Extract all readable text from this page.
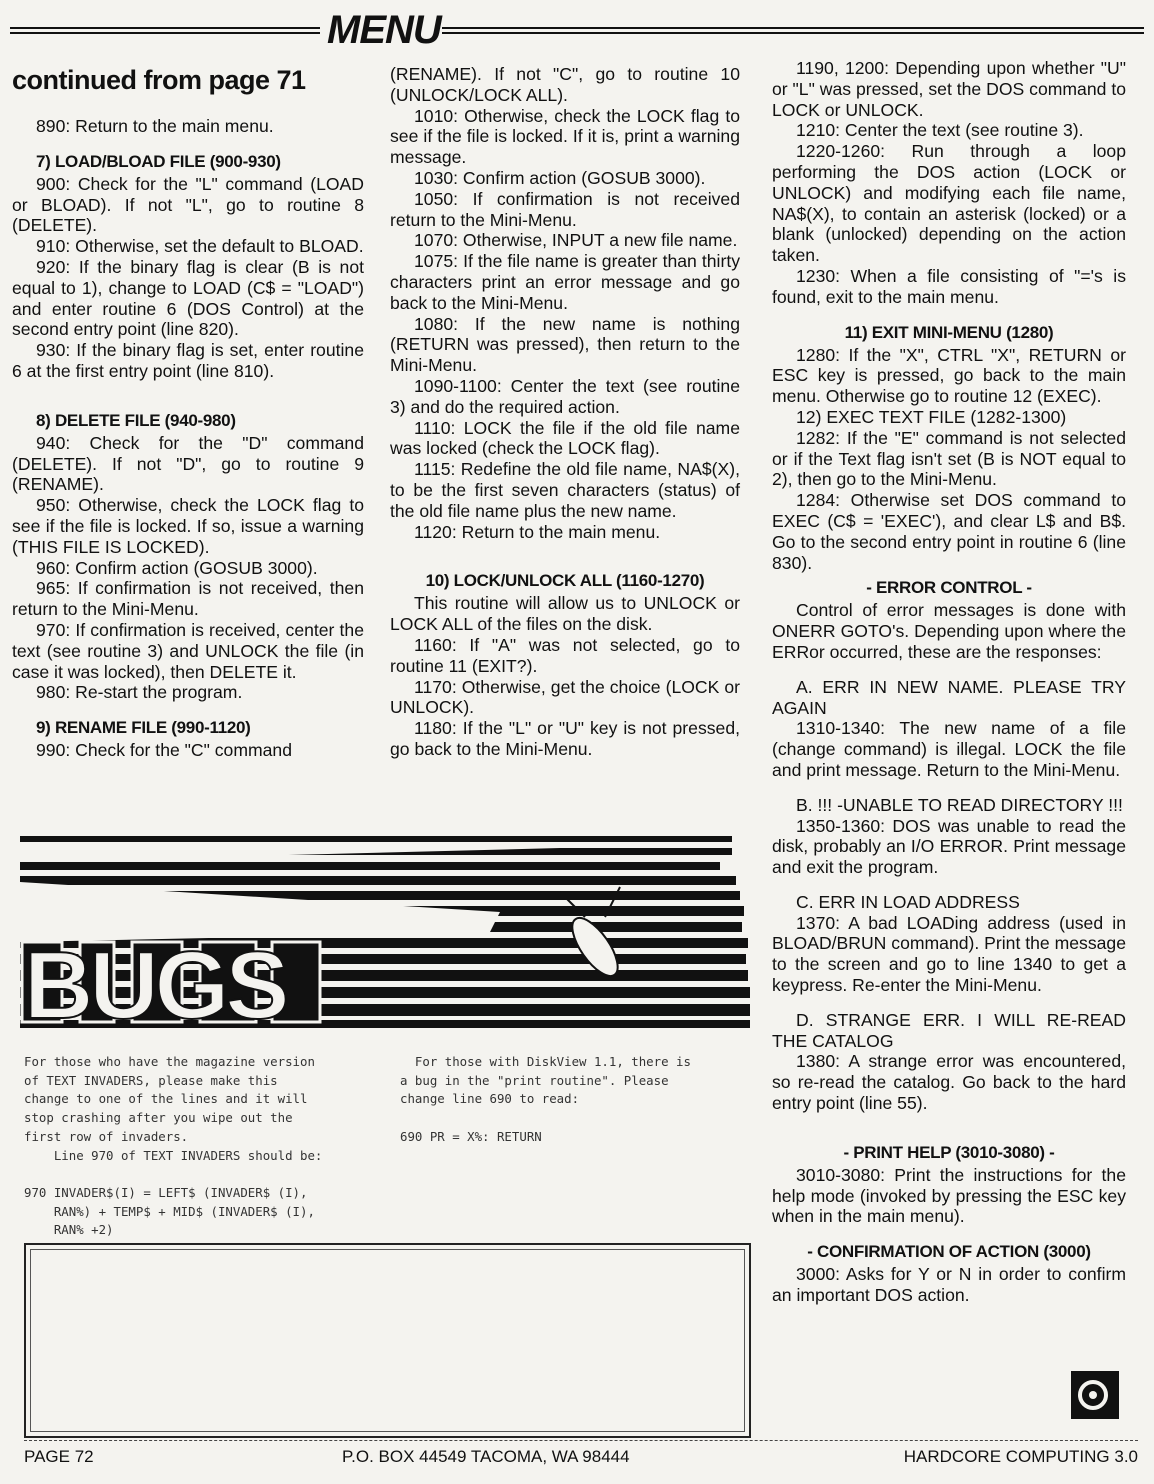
MENU
continued from page 71

890: Return to the main menu.

7) LOAD/BLOAD FILE (900-930)

900: Check for the "L" command (LOAD or BLOAD). If not "L", go to routine 8 (DELETE).

910: Otherwise, set the default to BLOAD.

920: If the binary flag is clear (B is not equal to 1), change to LOAD (C$ = "LOAD") and enter routine 6 (DOS Control) at the second entry point (line 820).

930: If the binary flag is set, enter routine 6 at the first entry point (line 810).

8) DELETE FILE (940-980)

940: Check for the "D" command (DELETE). If not "D", go to routine 9 (RENAME).

950: Otherwise, check the LOCK flag to see if the file is locked. If so, issue a warning (THIS FILE IS LOCKED).

960: Confirm action (GOSUB 3000).

965: If confirmation is not received, then return to the Mini-Menu.

970: If confirmation is received, center the text (see routine 3) and UNLOCK the file (in case it was locked), then DELETE it.

980: Re-start the program.

9) RENAME FILE (990-1120)

990: Check for the "C" command

(RENAME). If not "C", go to routine 10 (UNLOCK/LOCK ALL).

1010: Otherwise, check the LOCK flag to see if the file is locked. If it is, print a warning message.

1030: Confirm action (GOSUB 3000).

1050: If confirmation is not received return to the Mini-Menu.

1070: Otherwise, INPUT a new file name.

1075: If the file name is greater than thirty characters print an error message and go back to the Mini-Menu.

1080: If the new name is nothing (RETURN was pressed), then return to the Mini-Menu.

1090-1100: Center the text (see routine 3) and do the required action.

1110: LOCK the file if the old file name was locked (check the LOCK flag).

1115: Redefine the old file name, NA$(X), to be the first seven characters (status) of the old file name plus the new name.

1120: Return to the main menu.

10) LOCK/UNLOCK ALL (1160-1270)

This routine will allow us to UNLOCK or LOCK ALL of the files on the disk.

1160: If "A" was not selected, go to routine 11 (EXIT?).

1170: Otherwise, get the choice (LOCK or UNLOCK).

1180: If the "L" or "U" key is not pressed, go back to the Mini-Menu.

1190, 1200: Depending upon whether "U" or "L" was pressed, set the DOS command to LOCK or UNLOCK.

1210: Center the text (see routine 3).

1220-1260: Run through a loop performing the DOS action (LOCK or UNLOCK) and modifying each file name, NA$(X), to contain an asterisk (locked) or a blank (unlocked) depending on the action taken.

1230: When a file consisting of "='s is found, exit to the main menu.

11) EXIT MINI-MENU (1280)

1280: If the "X", CTRL "X", RETURN or ESC key is pressed, go back to the main menu. Otherwise go to routine 12 (EXEC).

12) EXEC TEXT FILE (1282-1300)

1282: If the "E" command is not selected or if the Text flag isn't set (B is NOT equal to 2), then go to the Mini-Menu.

1284: Otherwise set DOS command to EXEC (C$ = 'EXEC'), and clear L$ and B$. Go to the second entry point in routine 6 (line 830).

- ERROR CONTROL -

Control of error messages is done with ONERR GOTO's. Depending upon where the ERRor occurred, these are the responses:

A. ERR IN NEW NAME. PLEASE TRY AGAIN

1310-1340: The new name of a file (change command) is illegal. LOCK the file and print message. Return to the Mini-Menu.

B. !!! -UNABLE TO READ DIRECTORY !!!

1350-1360: DOS was unable to read the disk, probably an I/O ERROR. Print message and exit the program.

C. ERR IN LOAD ADDRESS

1370: A bad LOADing address (used in BLOAD/BRUN command). Print the message to the screen and go to line 1340 to get a keypress. Re-enter the Mini-Menu.

D. STRANGE ERR. I WILL RE-READ THE CATALOG

1380: A strange error was encountered, so re-read the catalog. Go back to the hard entry point (line 55).

- PRINT HELP (3010-3080) -

3010-3080: Print the instructions for the help mode (invoked by pressing the ESC key when in the main menu).

- CONFIRMATION OF ACTION (3000)

3000: Asks for Y or N in order to confirm an important DOS action.

BUGS
For those who have the magazine version
of TEXT INVADERS, please make this
change to one of the lines and it will
stop crashing after you wipe out the
first row of invaders.
Line 970 of TEXT INVADERS should be:

970 INVADER$(I) = LEFT$ (INVADER$ (I),
RAN%) + TEMP$ + MID$ (INVADER$ (I),
RAN% +2)
For those with DiskView 1.1, there is
a bug in the "print routine". Please
change line 690 to read:

690 PR = X%: RETURN
PAGE 72	P.O. BOX 44549 TACOMA, WA 98444	HARDCORE COMPUTING 3.0
